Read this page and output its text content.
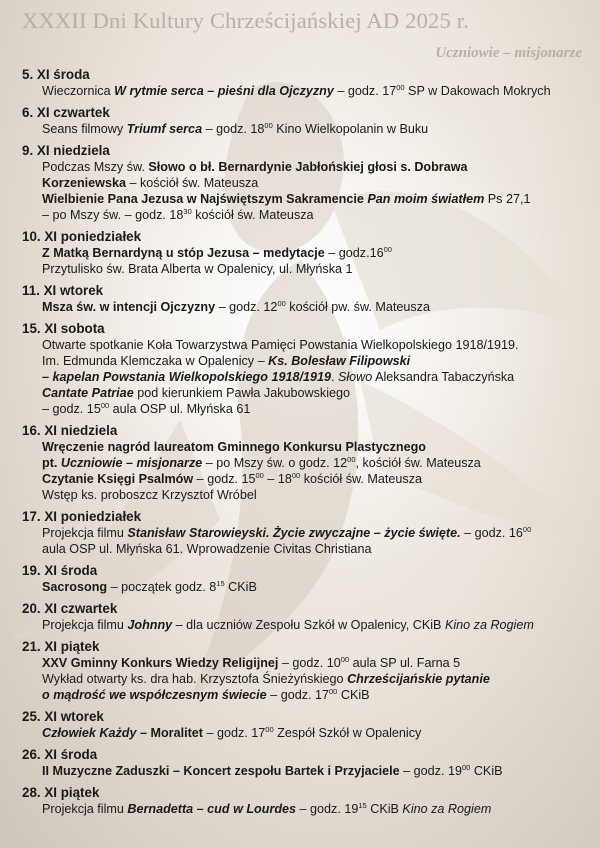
XXXII Dni Kultury Chrześcijańskiej AD 2025 r.
Uczniowie – misjonarze
5. XI środa
Wieczornica W rytmie serca – pieśni dla Ojczyzny – godz. $17^{00}$ SP w Dakowach Mokrych
6. XI czwartek
Seans filmowy Triumf serca – godz. $18^{00}$ Kino Wielkopolanin w Buku
9. XI niedziela
Podczas Mszy św. Słowo o bł. Bernardynie Jabłońskiej głosi s. Dobrawa
Korzeniewska – kościół św. Mateusza
Wielbienie Pana Jezusa w Najświętszym Sakramencie Pan moim światłem Ps 27,1
– po Mszy św. – godz. $18^{30}$ kościół św. Mateusza
10. XI poniedziałek
Z Matką Bernardyną u stóp Jezusa – medytacje – $godz.16^{00}$
Przytulisko św. Brata Alberta w Opalenicy, ul. Młyńska 1
11. XI wtorek
Msza św. w intencji Ojczyzny – godz. $12^{00}$ kościół pw. św. Mateusza
15. XI sobota
Otwarte spotkanie Koła Towarzystwa Pamięci Powstania Wielkopolskiego 1918/1919.
Im. Edmunda Klemczaka w Opalenicy – Ks. Bolesław Filipowski
– kapelan Powstania Wielkopolskiego 1918/1919. Słowo Aleksandra Tabaczyńska
Cantate Patriae pod kierunkiem Pawła Jakubowskiego
– godz. $15^{00}$ aula OSP ul. Młyńska 61
16. XI niedziela
Wręczenie nagród laureatom Gminnego Konkursu Plastycznego
pt. Uczniowie – misjonarze – po Mszy św. o godz. $12^{00}$, kościół św. Mateusza
Czytanie Księgi Psalmów – godz. $15^{00} - 18^{00}$ kościół św. Mateusza
Wstęp ks. proboszcz Krzysztof Wróbel
17. XI poniedziałek
Projekcja filmu Stanisław Starowieyski. Życie zwyczajne – życie święte. – godz. $16^{00}$
aula OSP ul. Młyńska 61. Wprowadzenie Civitas Christiana
19. XI środa
Sacrosong – początek godz. $8^{15}$ CKiB
20. XI czwartek
Projekcja filmu Johnny – dla uczniów Zespołu Szkół w Opalenicy, CKiB Kino za Rogiem
21. XI piątek
XXV Gminny Konkurs Wiedzy Religijnej – godz. $10^{00}$ aula SP ul. Farna 5
Wykład otwarty ks. dra hab. Krzysztofa Śnieżyńskiego Chrześcijańskie pytanie
o mądrość we współczesnym świecie – godz. $17^{00}$ CKiB
25. XI wtorek
Człowiek Każdy – Moralitet – godz. $17^{00}$ Zespół Szkół w Opalenicy
26. XI środa
II Muzyczne Zaduszki – Koncert zespołu Bartek i Przyjaciele – godz. $19^{00}$ CKiB
28. XI piątek
Projekcja filmu Bernadetta – cud w Lourdes – godz. $19^{15}$ CKiB Kino za Rogiem
